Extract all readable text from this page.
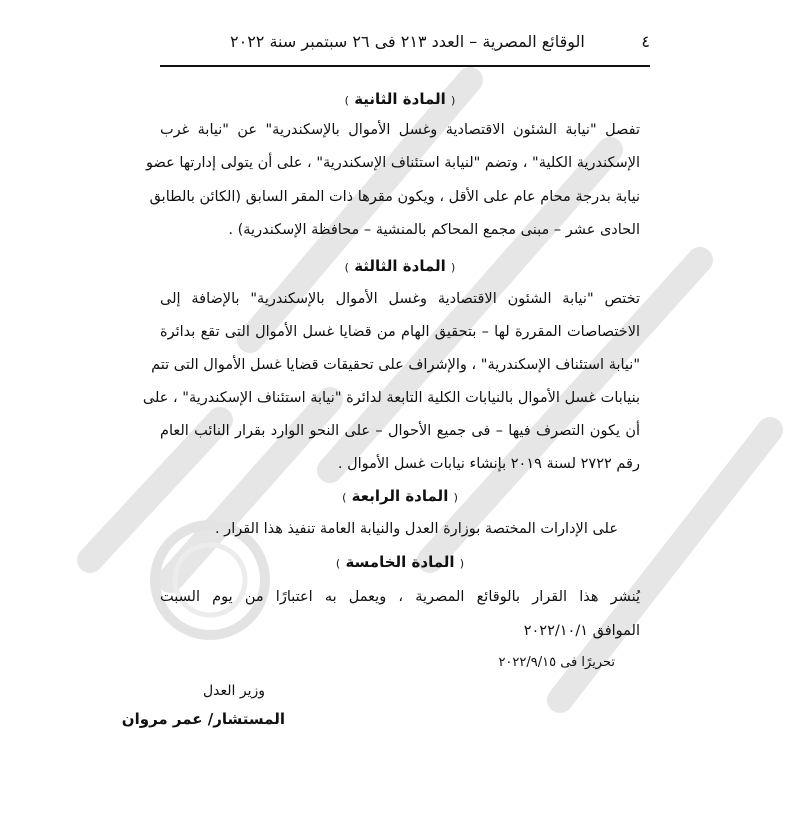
٤
الوقائع المصرية – العدد ٢١٣ فى ٢٦ سبتمبر سنة ٢٠٢٢
( المادة الثانية )
تفصل "نيابة الشئون الاقتصادية وغسل الأموال بالإسكندرية" عن "نيابة غرب
الإسكندرية الكلية" ، وتضم "لنيابة استئناف الإسكندرية" ، على أن يتولى إدارتها عضو
نيابة بدرجة محام عام على الأقل ، ويكون مقرها ذات المقر السابق (الكائن بالطابق
الحادى عشر – مبنى مجمع المحاكم بالمنشية – محافظة الإسكندرية) .
( المادة الثالثة )
تختص "نيابة الشئون الاقتصادية وغسل الأموال بالإسكندرية" بالإضافة إلى
الاختصاصات المقررة لها – بتحقيق الهام من قضايا غسل الأموال التى تقع بدائرة
"نيابة استئناف الإسكندرية" ، والإشراف على تحقيقات قضايا غسل الأموال التى تتم
بنيابات غسل الأموال بالنيابات الكلية التابعة لدائرة "نيابة استئناف الإسكندرية" ، على
أن يكون التصرف فيها – فى جميع الأحوال – على النحو الوارد بقرار النائب العام
رقم ٢٧٢٢ لسنة ٢٠١٩ بإنشاء نيابات غسل الأموال .
( المادة الرابعة )
على الإدارات المختصة بوزارة العدل والنيابة العامة تنفيذ هذا القرار .
( المادة الخامسة )
يُنشر هذا القرار بالوقائع المصرية ، ويعمل به اعتبارًا من يوم السبت
الموافق ٢٠٢٢/١٠/١
تحريرًا فى ٢٠٢٢/٩/١٥
وزير العدل
المستشار/ عمر مروان
